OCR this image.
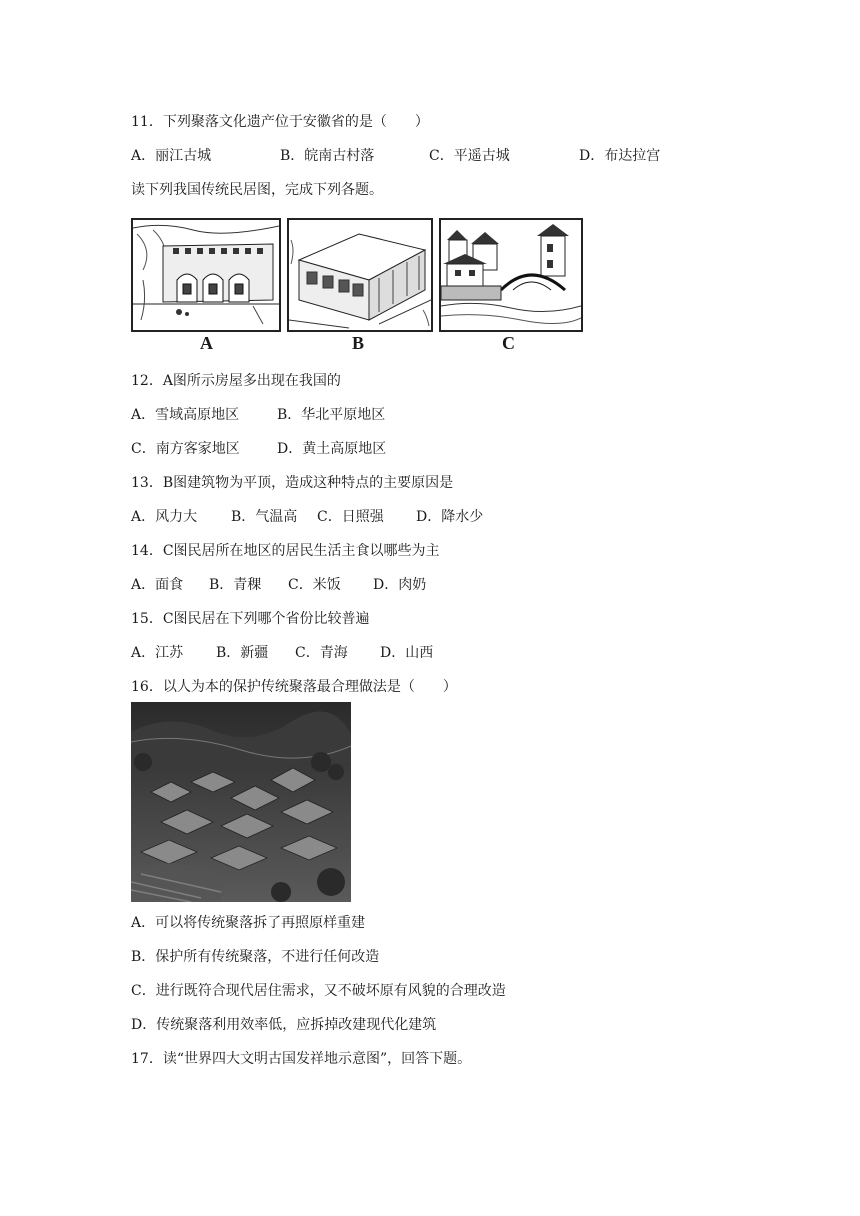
11．下列聚落文化遗产位于安徽省的是（　　）
A．丽江古城	B．皖南古村落	C．平遥古城	D．布达拉宫
读下列我国传统民居图，完成下列各题。
A	B	C
12．A图所示房屋多出现在我国的
A．雪域高原地区	B．华北平原地区
C．南方客家地区	D．黄土高原地区
13．B图建筑物为平顶，造成这种特点的主要原因是
A．风力大 B．气温高 C．日照强 D．降水少
14．C图民居所在地区的居民生活主食以哪些为主
A．面食 B．青稞 C．米饭 D．肉奶
15．C图民居在下列哪个省份比较普遍
A．江苏 B．新疆 C．青海 D．山西
16．以人为本的保护传统聚落最合理做法是（　　）
A．可以将传统聚落拆了再照原样重建
B．保护所有传统聚落，不进行任何改造
C．进行既符合现代居住需求，又不破坏原有风貌的合理改造
D．传统聚落利用效率低，应拆掉改建现代化建筑
17．读“世界四大文明古国发祥地示意图”，回答下题。
